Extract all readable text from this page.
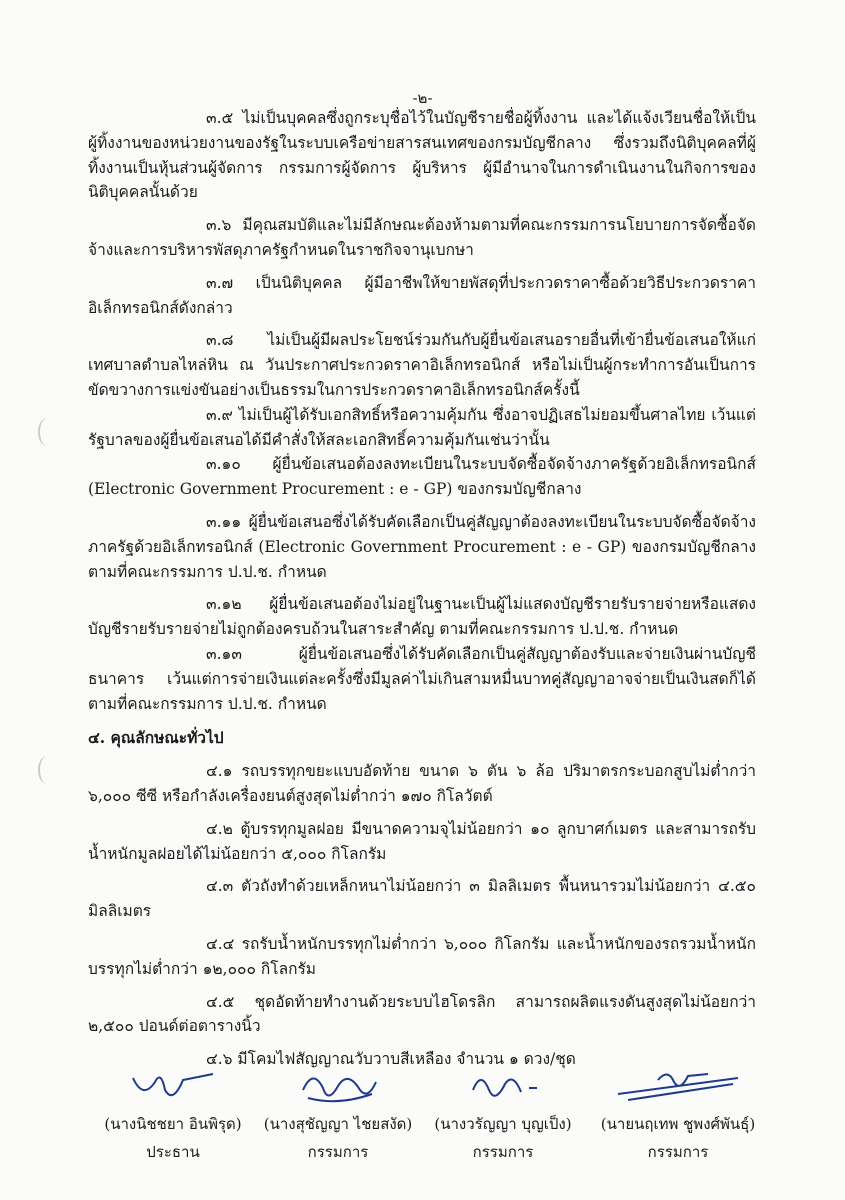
-๒-

๓.๕ ไม่เป็นบุคคลซึ่งถูกระบุชื่อไว้ในบัญชีรายชื่อผู้ทิ้งงาน และได้แจ้งเวียนชื่อให้เป็นผู้ทิ้งงานของหน่วยงานของรัฐในระบบเครือข่ายสารสนเทศของกรมบัญชีกลาง ซึ่งรวมถึงนิติบุคคลที่ผู้ทิ้งงานเป็นหุ้นส่วนผู้จัดการ กรรมการผู้จัดการ ผู้บริหาร ผู้มีอำนาจในการดำเนินงานในกิจการของนิติบุคคลนั้นด้วย

๓.๖ มีคุณสมบัติและไม่มีลักษณะต้องห้ามตามที่คณะกรรมการนโยบายการจัดซื้อจัดจ้างและการบริหารพัสดุภาครัฐกำหนดในราชกิจจานุเบกษา

๓.๗ เป็นนิติบุคคล ผู้มีอาชีพให้ขายพัสดุที่ประกวดราคาซื้อด้วยวิธีประกวดราคาอิเล็กทรอนิกส์ดังกล่าว

๓.๘ ไม่เป็นผู้มีผลประโยชน์ร่วมกันกับผู้ยื่นข้อเสนอรายอื่นที่เข้ายื่นข้อเสนอให้แก่เทศบาลตำบลไหล่หิน ณ วันประกาศประกวดราคาอิเล็กทรอนิกส์ หรือไม่เป็นผู้กระทำการอันเป็นการขัดขวางการแข่งขันอย่างเป็นธรรมในการประกวดราคาอิเล็กทรอนิกส์ครั้งนี้

๓.๙ ไม่เป็นผู้ได้รับเอกสิทธิ์หรือความคุ้มกัน ซึ่งอาจปฏิเสธไม่ยอมขึ้นศาลไทย เว้นแต่รัฐบาลของผู้ยื่นข้อเสนอได้มีคำสั่งให้สละเอกสิทธิ์ความคุ้มกันเช่นว่านั้น

๓.๑๐ ผู้ยื่นข้อเสนอต้องลงทะเบียนในระบบจัดซื้อจัดจ้างภาครัฐด้วยอิเล็กทรอนิกส์ (Electronic Government Procurement : e - GP) ของกรมบัญชีกลาง

๓.๑๑ ผู้ยื่นข้อเสนอซึ่งได้รับคัดเลือกเป็นคู่สัญญาต้องลงทะเบียนในระบบจัดซื้อจัดจ้างภาครัฐด้วยอิเล็กทรอนิกส์ (Electronic Government Procurement : e - GP) ของกรมบัญชีกลางตามที่คณะกรรมการ ป.ป.ช. กำหนด

๓.๑๒ ผู้ยื่นข้อเสนอต้องไม่อยู่ในฐานะเป็นผู้ไม่แสดงบัญชีรายรับรายจ่ายหรือแสดงบัญชีรายรับรายจ่ายไม่ถูกต้องครบถ้วนในสาระสำคัญ ตามที่คณะกรรมการ ป.ป.ช. กำหนด

๓.๑๓ ผู้ยื่นข้อเสนอซึ่งได้รับคัดเลือกเป็นคู่สัญญาต้องรับและจ่ายเงินผ่านบัญชีธนาคาร เว้นแต่การจ่ายเงินแต่ละครั้งซึ่งมีมูลค่าไม่เกินสามหมื่นบาทคู่สัญญาอาจจ่ายเป็นเงินสดก็ได้ ตามที่คณะกรรมการ ป.ป.ช. กำหนด

๔. คุณลักษณะทั่วไป

๔.๑ รถบรรทุกขยะแบบอัดท้าย ขนาด ๖ ตัน ๖ ล้อ ปริมาตรกระบอกสูบไม่ต่ำกว่า ๖,๐๐๐ ซีซี หรือกำลังเครื่องยนต์สูงสุดไม่ต่ำกว่า ๑๗๐ กิโลวัตต์

๔.๒ ตู้บรรทุกมูลฝอย มีขนาดความจุไม่น้อยกว่า ๑๐ ลูกบาศก์เมตร และสามารถรับน้ำหนักมูลฝอยได้ไม่น้อยกว่า ๕,๐๐๐ กิโลกรัม

๔.๓ ตัวถังทำด้วยเหล็กหนาไม่น้อยกว่า ๓ มิลลิเมตร พื้นหนารวมไม่น้อยกว่า ๔.๕๐ มิลลิเมตร

๔.๔ รถรับน้ำหนักบรรทุกไม่ต่ำกว่า ๖,๐๐๐ กิโลกรัม และน้ำหนักของรถรวมน้ำหนักบรรทุกไม่ต่ำกว่า ๑๒,๐๐๐ กิโลกรัม

๔.๕ ชุดอัดท้ายทำงานด้วยระบบไฮโดรลิก สามารถผลิตแรงดันสูงสุดไม่น้อยกว่า ๒,๕๐๐ ปอนด์ต่อตารางนิ้ว

๔.๖ มีโคมไฟสัญญาณวับวาบสีเหลือง จำนวน ๑ ดวง/ชุด

(นางนิชชยา อินพิรุด)
ประธาน
(นางสุชัญญา ไชยสงัด)
กรรมการ
(นางวรัญญา บุญเป็ง)
กรรมการ
(นายนฤเทพ ชูพงศ์พันธุ์)
กรรมการ
